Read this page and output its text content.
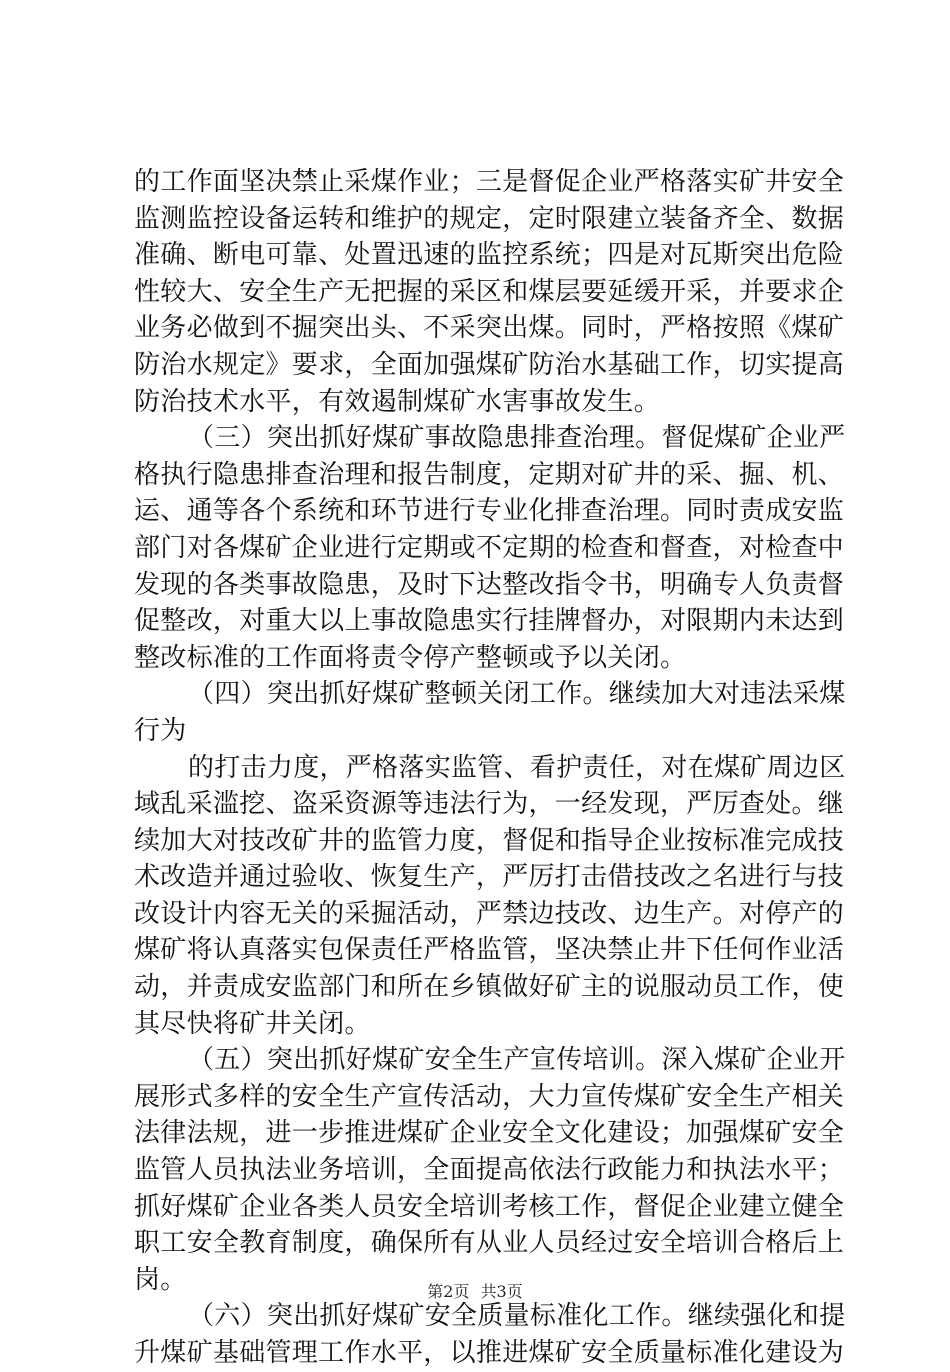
的工作面坚决禁止采煤作业；三是督促企业严格落实矿井安全
监测监控设备运转和维护的规定，定时限建立装备齐全、数据
准确、断电可靠、处置迅速的监控系统；四是对瓦斯突出危险
性较大、安全生产无把握的采区和煤层要延缓开采，并要求企
业务必做到不掘突出头、不采突出煤。同时，严格按照《煤矿
防治水规定》要求，全面加强煤矿防治水基础工作，切实提高
防治技术水平，有效遏制煤矿水害事故发生。
（三）突出抓好煤矿事故隐患排查治理。督促煤矿企业严
格执行隐患排查治理和报告制度，定期对矿井的采、掘、机、
运、通等各个系统和环节进行专业化排查治理。同时责成安监
部门对各煤矿企业进行定期或不定期的检查和督查，对检查中
发现的各类事故隐患，及时下达整改指令书，明确专人负责督
促整改，对重大以上事故隐患实行挂牌督办，对限期内未达到
整改标准的工作面将责令停产整顿或予以关闭。
（四）突出抓好煤矿整顿关闭工作。继续加大对违法采煤
行为
的打击力度，严格落实监管、看护责任，对在煤矿周边区
域乱采滥挖、盗采资源等违法行为，一经发现，严厉查处。继
续加大对技改矿井的监管力度，督促和指导企业按标准完成技
术改造并通过验收、恢复生产，严厉打击借技改之名进行与技
改设计内容无关的采掘活动，严禁边技改、边生产。对停产的
煤矿将认真落实包保责任严格监管，坚决禁止井下任何作业活
动，并责成安监部门和所在乡镇做好矿主的说服动员工作，使
其尽快将矿井关闭。
（五）突出抓好煤矿安全生产宣传培训。深入煤矿企业开
展形式多样的安全生产宣传活动，大力宣传煤矿安全生产相关
法律法规，进一步推进煤矿企业安全文化建设；加强煤矿安全
监管人员执法业务培训，全面提高依法行政能力和执法水平；
抓好煤矿企业各类人员安全培训考核工作，督促企业建立健全
职工安全教育制度，确保所有从业人员经过安全培训合格后上
岗。
（六）突出抓好煤矿安全质量标准化工作。继续强化和提
升煤矿基础管理工作水平，以推进煤矿安全质量标准化建设为
第2页 共3页
